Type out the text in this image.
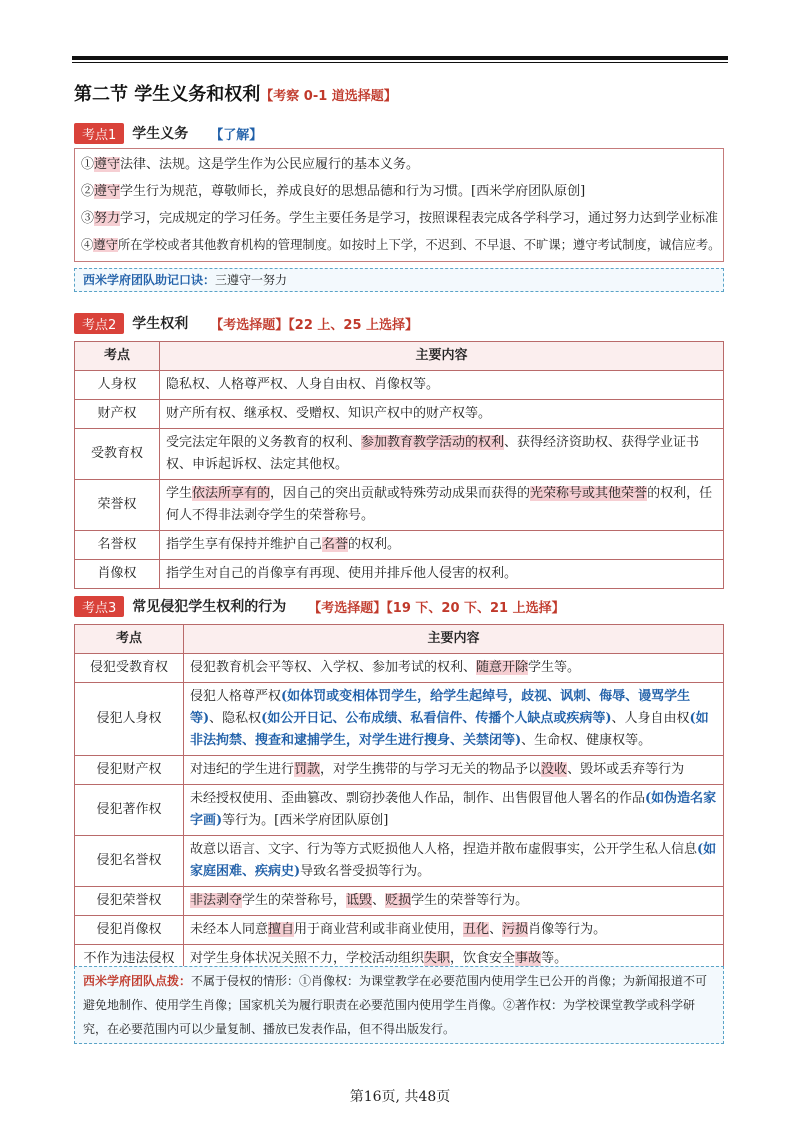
第二节 学生义务和权利【考察 0-1 道选择题】
考点1	学生义务 【了解】
①遵守法律、法规。这是学生作为公民应履行的基本义务。
②遵守学生行为规范，尊敬师长，养成良好的思想品德和行为习惯。[西米学府团队原创]
③努力学习，完成规定的学习任务。学生主要任务是学习，按照课程表完成各学科学习，通过努力达到学业标准
④遵守所在学校或者其他教育机构的管理制度。如按时上下学，不迟到、不早退、不旷课；遵守考试制度，诚信应考。
西米学府团队助记口诀：三遵守一努力
考点2	学生权利 【考选择题】【22 上、25 上选择】
考点	主要内容
人身权	隐私权、人格尊严权、人身自由权、肖像权等。
财产权	财产所有权、继承权、受赠权、知识产权中的财产权等。
受教育权	受完法定年限的义务教育的权利、参加教育教学活动的权利、获得经济资助权、获得学业证书权、申诉起诉权、法定其他权。
荣誉权	学生依法所享有的，因自己的突出贡献或特殊劳动成果而获得的光荣称号或其他荣誉的权利，任何人不得非法剥夺学生的荣誉称号。
名誉权	指学生享有保持并维护自己名誉的权利。
肖像权	指学生对自己的肖像享有再现、使用并排斥他人侵害的权利。
考点3	常见侵犯学生权利的行为 【考选择题】【19 下、20 下、21 上选择】
考点	主要内容
侵犯受教育权	侵犯教育机会平等权、入学权、参加考试的权利、随意开除学生等。
侵犯人身权	侵犯人格尊严权(如体罚或变相体罚学生，给学生起绰号，歧视、讽刺、侮辱、谩骂学生等)、隐私权(如公开日记、公布成绩、私看信件、传播个人缺点或疾病等)、人身自由权(如非法拘禁、搜查和逮捕学生，对学生进行搜身、关禁闭等)、生命权、健康权等。
侵犯财产权	对违纪的学生进行罚款，对学生携带的与学习无关的物品予以没收、毁坏或丢弃等行为
侵犯著作权	未经授权使用、歪曲篡改、剽窃抄袭他人作品，制作、出售假冒他人署名的作品(如伪造名家字画)等行为。[西米学府团队原创]
侵犯名誉权	故意以语言、文字、行为等方式贬损他人人格，捏造并散布虚假事实，公开学生私人信息(如家庭困难、疾病史)导致名誉受损等行为。
侵犯荣誉权	非法剥夺学生的荣誉称号，诋毁、贬损学生的荣誉等行为。
侵犯肖像权	未经本人同意擅自用于商业营利或非商业使用，丑化、污损肖像等行为。
不作为违法侵权	对学生身体状况关照不力，学校活动组织失职，饮食安全事故等。
西米学府团队点拨：不属于侵权的情形：①肖像权：为课堂教学在必要范围内使用学生已公开的肖像；为新闻报道不可避免地制作、使用学生肖像；国家机关为履行职责在必要范围内使用学生肖像。②著作权：为学校课堂教学或科学研究，在必要范围内可以少量复制、播放已发表作品，但不得出版发行。
第16页, 共48页
